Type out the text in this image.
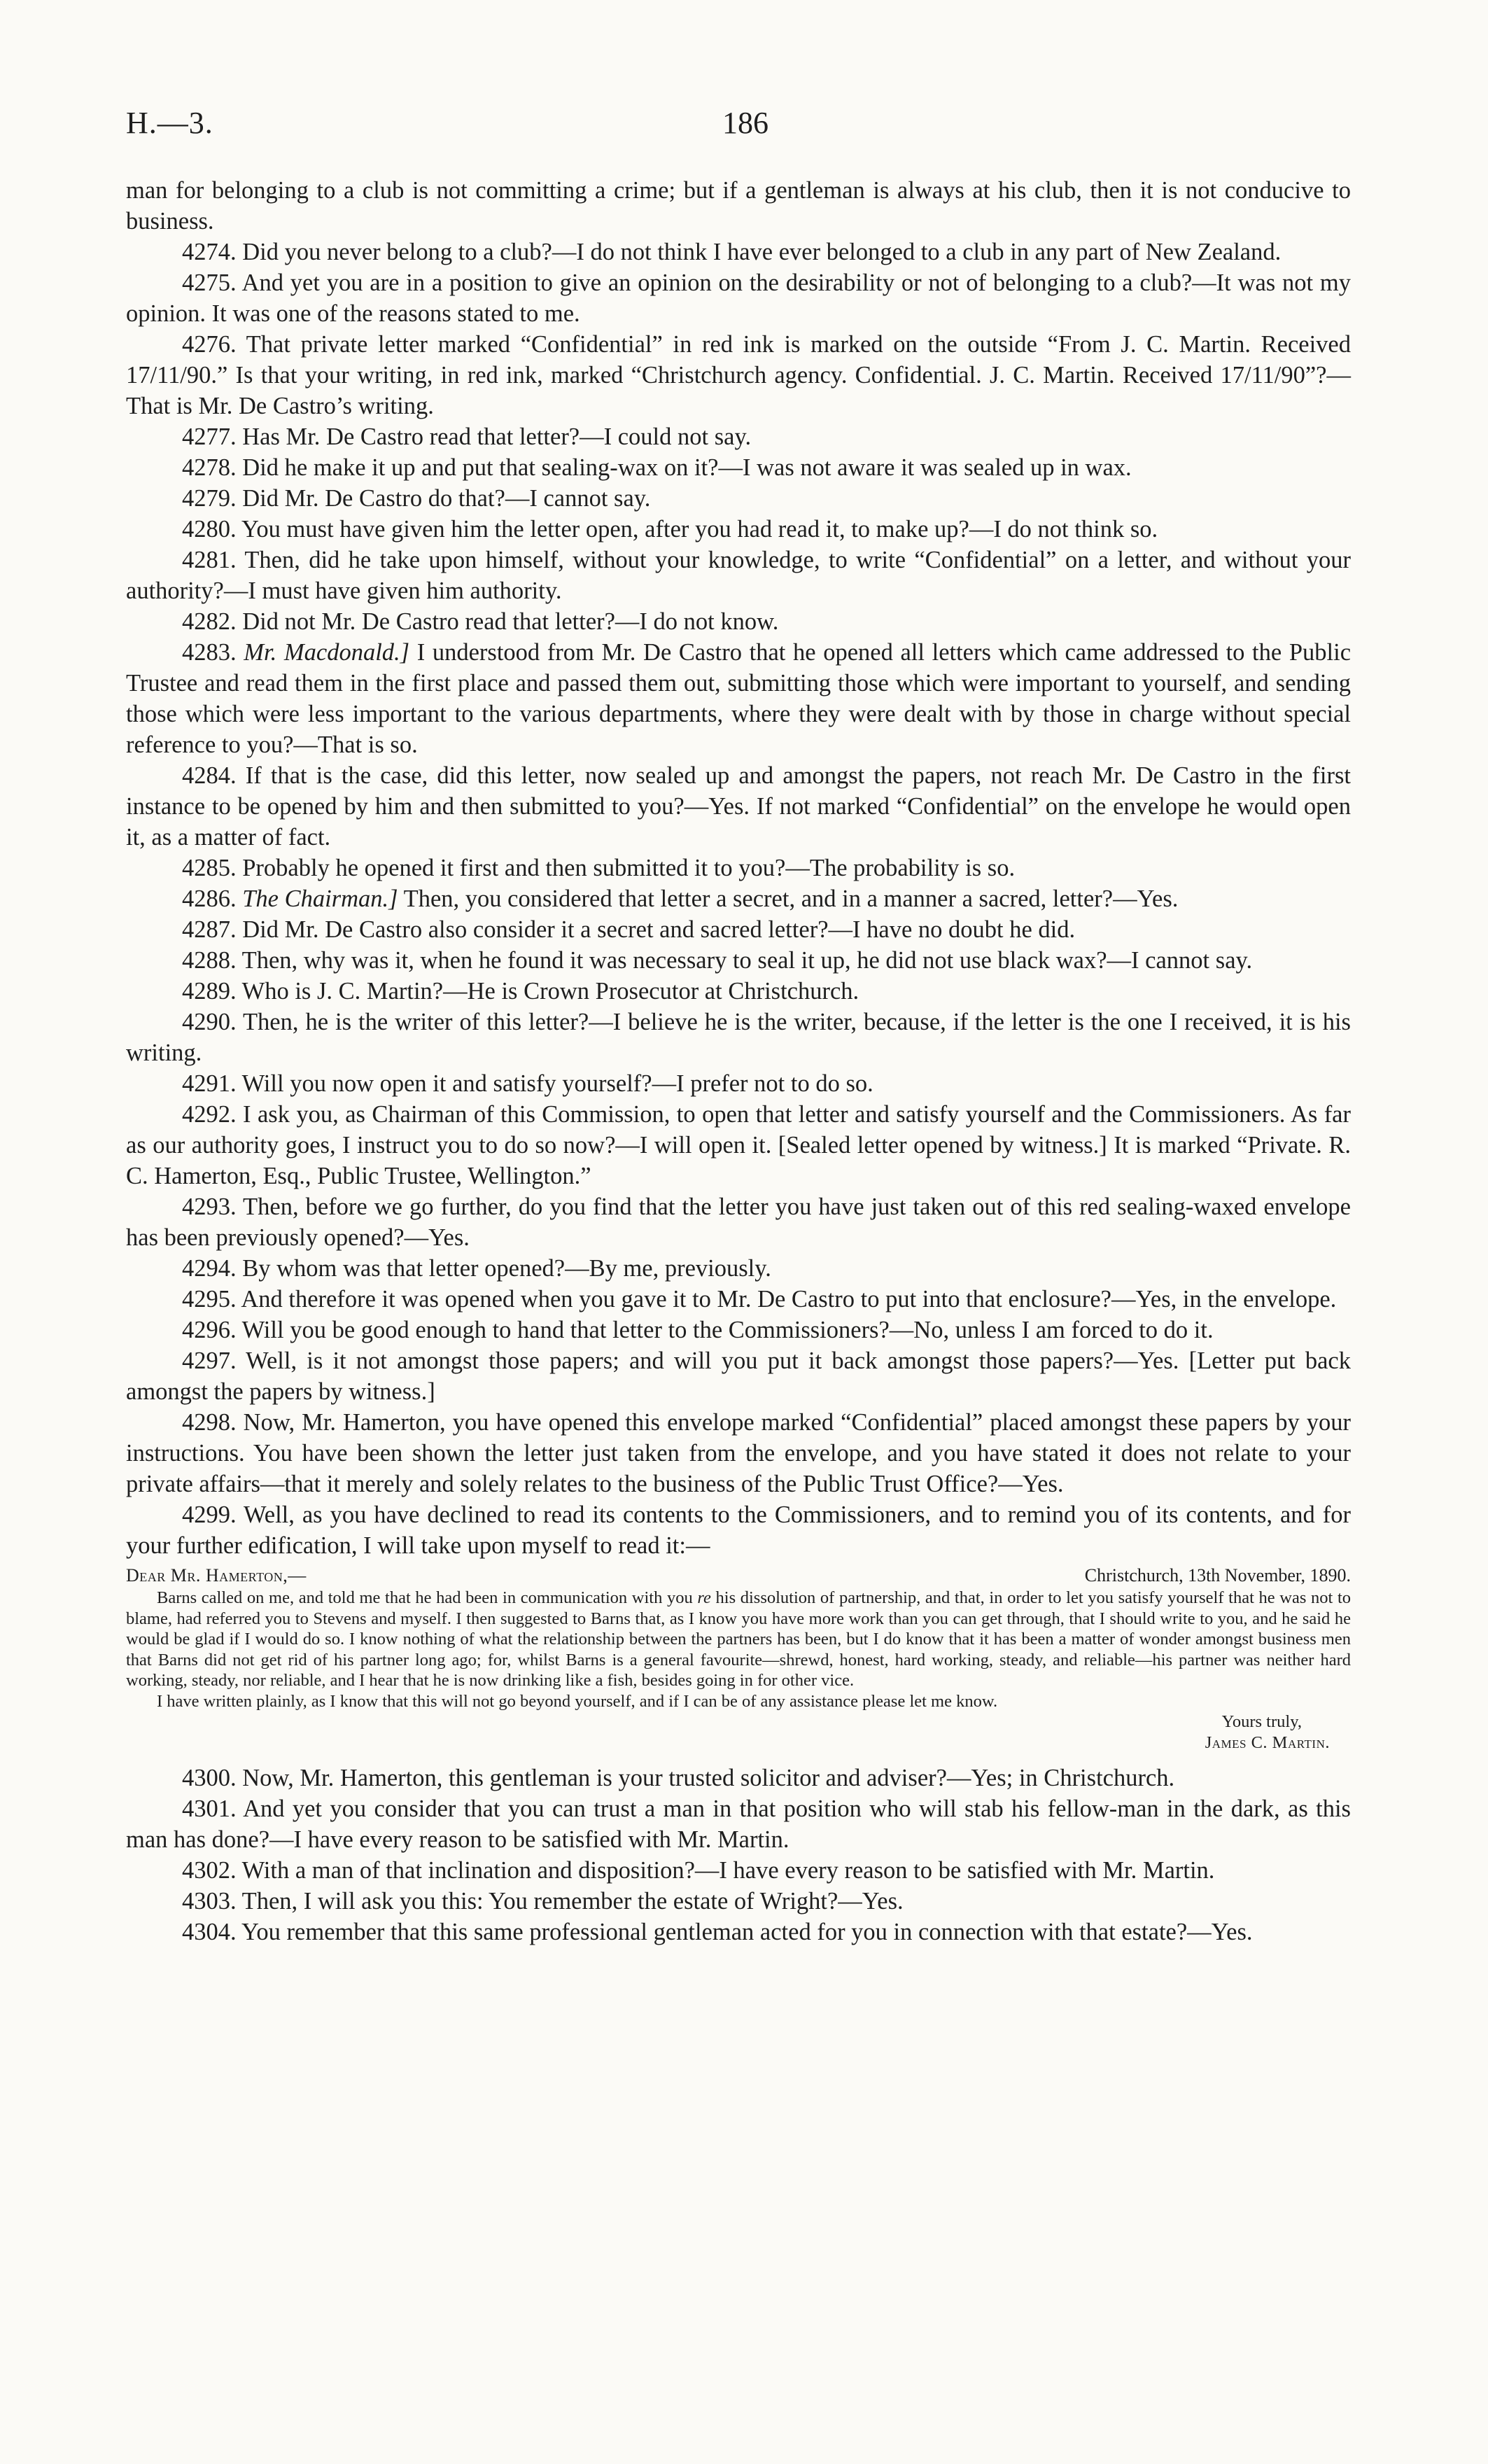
H.—3.	186

man for belonging to a club is not committing a crime; but if a gentleman is always at his club, then it is not conducive to business.

4274. Did you never belong to a club?—I do not think I have ever belonged to a club in any part of New Zealand.

4275. And yet you are in a position to give an opinion on the desirability or not of belonging to a club?—It was not my opinion. It was one of the reasons stated to me.

4276. That private letter marked “Confidential” in red ink is marked on the outside “From J. C. Martin. Received 17/11/90.” Is that your writing, in red ink, marked “Christchurch agency. Confidential. J. C. Martin. Received 17/11/90”?—That is Mr. De Castro’s writing.

4277. Has Mr. De Castro read that letter?—I could not say.

4278. Did he make it up and put that sealing-wax on it?—I was not aware it was sealed up in wax.

4279. Did Mr. De Castro do that?—I cannot say.

4280. You must have given him the letter open, after you had read it, to make up?—I do not think so.

4281. Then, did he take upon himself, without your knowledge, to write “Confidential” on a letter, and without your authority?—I must have given him authority.

4282. Did not Mr. De Castro read that letter?—I do not know.

4283. Mr. Macdonald.] I understood from Mr. De Castro that he opened all letters which came addressed to the Public Trustee and read them in the first place and passed them out, submitting those which were important to yourself, and sending those which were less important to the various departments, where they were dealt with by those in charge without special reference to you?—That is so.

4284. If that is the case, did this letter, now sealed up and amongst the papers, not reach Mr. De Castro in the first instance to be opened by him and then submitted to you?—Yes. If not marked “Confidential” on the envelope he would open it, as a matter of fact.

4285. Probably he opened it first and then submitted it to you?—The probability is so.

4286. The Chairman.] Then, you considered that letter a secret, and in a manner a sacred, letter?—Yes.

4287. Did Mr. De Castro also consider it a secret and sacred letter?—I have no doubt he did.

4288. Then, why was it, when he found it was necessary to seal it up, he did not use black wax?—I cannot say.

4289. Who is J. C. Martin?—He is Crown Prosecutor at Christchurch.

4290. Then, he is the writer of this letter?—I believe he is the writer, because, if the letter is the one I received, it is his writing.

4291. Will you now open it and satisfy yourself?—I prefer not to do so.

4292. I ask you, as Chairman of this Commission, to open that letter and satisfy yourself and the Commissioners. As far as our authority goes, I instruct you to do so now?—I will open it. [Sealed letter opened by witness.] It is marked “Private. R. C. Hamerton, Esq., Public Trustee, Wellington.”

4293. Then, before we go further, do you find that the letter you have just taken out of this red sealing-waxed envelope has been previously opened?—Yes.

4294. By whom was that letter opened?—By me, previously.

4295. And therefore it was opened when you gave it to Mr. De Castro to put into that enclosure?—Yes, in the envelope.

4296. Will you be good enough to hand that letter to the Commissioners?—No, unless I am forced to do it.

4297. Well, is it not amongst those papers; and will you put it back amongst those papers?—Yes. [Letter put back amongst the papers by witness.]

4298. Now, Mr. Hamerton, you have opened this envelope marked “Confidential” placed amongst these papers by your instructions. You have been shown the letter just taken from the envelope, and you have stated it does not relate to your private affairs—that it merely and solely relates to the business of the Public Trust Office?—Yes.

4299. Well, as you have declined to read its contents to the Commissioners, and to remind you of its contents, and for your further edification, I will take upon myself to read it:—

Dear Mr. Hamerton,—	Christchurch, 13th November, 1890.

Barns called on me, and told me that he had been in communication with you re his dissolution of partnership, and that, in order to let you satisfy yourself that he was not to blame, had referred you to Stevens and myself. I then suggested to Barns that, as I know you have more work than you can get through, that I should write to you, and he said he would be glad if I would do so. I know nothing of what the relationship between the partners has been, but I do know that it has been a matter of wonder amongst business men that Barns did not get rid of his partner long ago; for, whilst Barns is a general favourite—shrewd, honest, hard working, steady, and reliable—his partner was neither hard working, steady, nor reliable, and I hear that he is now drinking like a fish, besides going in for other vice.

I have written plainly, as I know that this will not go beyond yourself, and if I can be of any assistance please let me know.

Yours truly,
James C. Martin.

4300. Now, Mr. Hamerton, this gentleman is your trusted solicitor and adviser?—Yes; in Christchurch.

4301. And yet you consider that you can trust a man in that position who will stab his fellow-man in the dark, as this man has done?—I have every reason to be satisfied with Mr. Martin.

4302. With a man of that inclination and disposition?—I have every reason to be satisfied with Mr. Martin.

4303. Then, I will ask you this: You remember the estate of Wright?—Yes.

4304. You remember that this same professional gentleman acted for you in connection with that estate?—Yes.
